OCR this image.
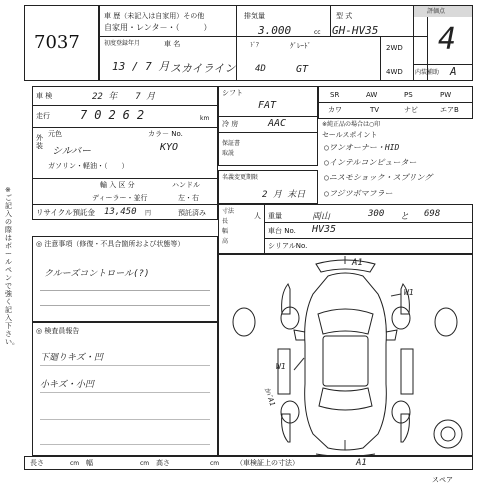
7037
車 歴（未記入は自家用）その他
自家用・レンタ－・（　　　）
初度登録年月	車 名
13 / 7 月 スカイライン
排気量
3.000	cc
型 式
GH-HV35
ﾄﾞｱ	ｸﾞﾚｰﾄﾞ
4D	GT
2WD
4WD
評価点
4
内装補助 A
車 検	22 年　　7 月
走行	70262	km
外装
元色
シルバー
カラ－ No.
KYO
ガソリン・軽油・（　　）
輸 入 区 分	ハンドル
ディーラー・並行	左・右
リサイクル預託金 13,450 円	預託済み
◎ 注意事項（修復・不具合箇所および状態等）
クルーズコントロール(?)
◎ 検査員報告
下廻りキズ・凹
小キズ・小凹
シフト
FAT
冷 房	AAC
保証書
取説
SR	AW	PS	PW
カワ	TV	ナビ	エアB
※純正品の場合は○印
セールスポイント
○ワンオーナー・HID
○インテルコンピューター
○ニスモショック・スプリング
○フジツボマフラー
名義変更期限
2 月 末日
寸法
長
幅
高
人 重量	両山	300 と 698
車台 No. HV35
シリアルNo.
A1
W1
W1
A1
ｶﾊﾞA1
スペア
※ご記入の際はボールペンで強く記入下さい。
長さ	cm 幅	cm 高さ	cm （車検証上の寸法）
